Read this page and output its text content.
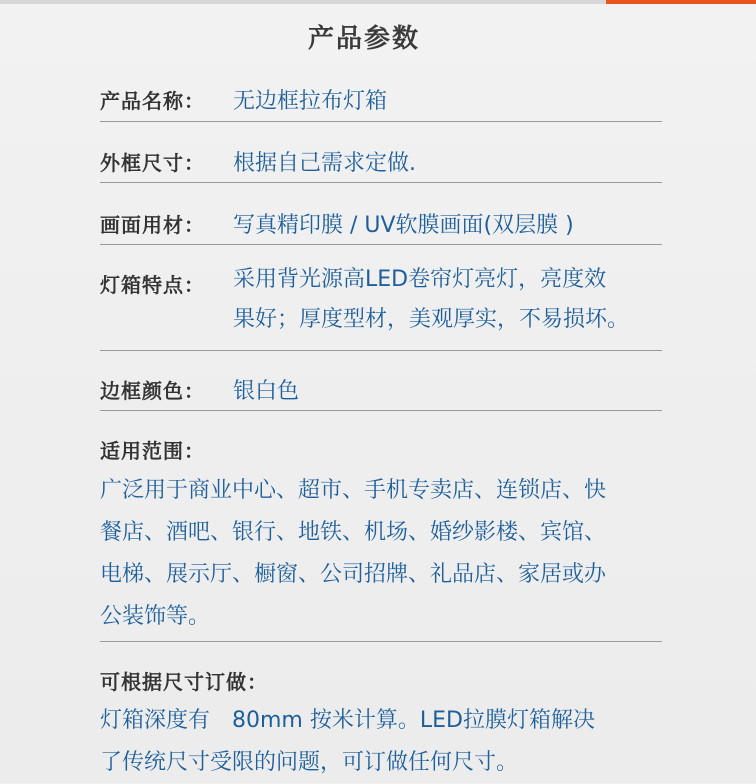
产品参数
产品名称： 无边框拉布灯箱
外框尺寸： 根据自己需求定做.
画面用材： 写真精印膜 / UV软膜画面(双层膜 )
灯箱特点： 采用背光源高LED卷帘灯亮灯，亮度效
果好；厚度型材，美观厚实，不易损坏。
边框颜色： 银白色
适用范围：
广泛用于商业中心、超市、手机专卖店、连锁店、快
餐店、酒吧、银行、地铁、机场、婚纱影楼、宾馆、
电梯、展示厅、橱窗、公司招牌、礼品店、家居或办
公装饰等。
可根据尺寸订做：
灯箱深度有　80mm 按米计算。LED拉膜灯箱解决
了传统尺寸受限的问题，可订做任何尺寸。
